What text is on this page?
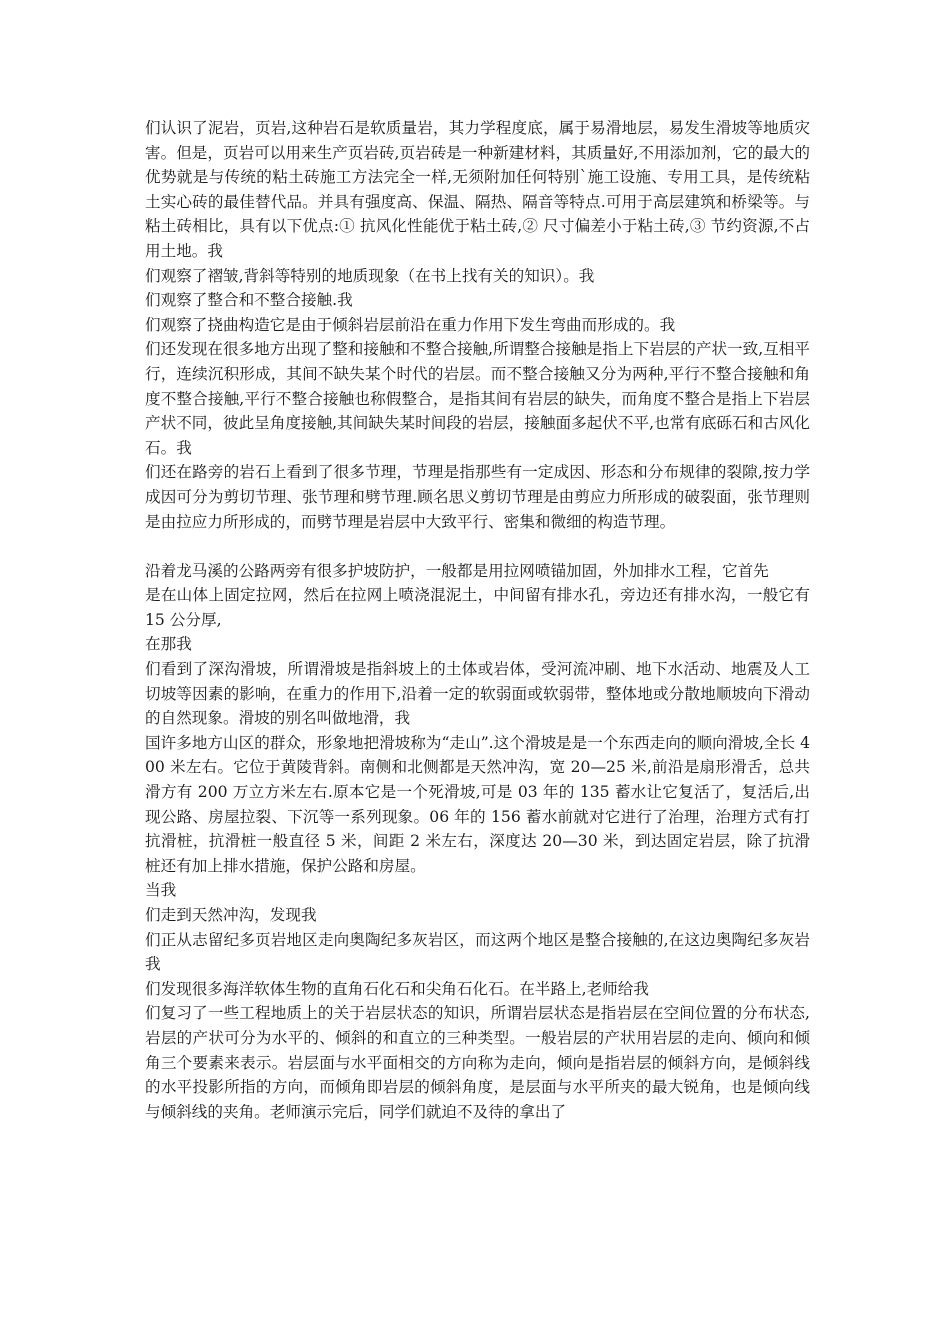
们认识了泥岩，页岩,这种岩石是软质量岩，其力学程度底，属于易滑地层，易发生滑坡等地质灾害。但是，页岩可以用来生产页岩砖,页岩砖是一种新建材料，其质量好,不用添加剂，它的最大的优势就是与传统的粘土砖施工方法完全一样,无须附加任何特别`施工设施、专用工具，是传统粘土实心砖的最佳替代品。并具有强度高、保温、隔热、隔音等特点.可用于高层建筑和桥梁等。与粘土砖相比，具有以下优点:① 抗风化性能优于粘土砖,② 尺寸偏差小于粘土砖,③ 节约资源,不占用土地。我

们观察了褶皱,背斜等特别的地质现象（在书上找有关的知识）。我

们观察了整合和不整合接触.我

们观察了挠曲构造它是由于倾斜岩层前沿在重力作用下发生弯曲而形成的。我

们还发现在很多地方出现了整和接触和不整合接触,所谓整合接触是指上下岩层的产状一致,互相平行，连续沉积形成，其间不缺失某个时代的岩层。而不整合接触又分为两种,平行不整合接触和角度不整合接触,平行不整合接触也称假整合，是指其间有岩层的缺失，而角度不整合是指上下岩层产状不同，彼此呈角度接触,其间缺失某时间段的岩层，接触面多起伏不平,也常有底砾石和古风化石。我

们还在路旁的岩石上看到了很多节理，节理是指那些有一定成因、形态和分布规律的裂隙,按力学成因可分为剪切节理、张节理和劈节理.顾名思义剪切节理是由剪应力所形成的破裂面，张节理则是由拉应力所形成的，而劈节理是岩层中大致平行、密集和微细的构造节理。

沿着龙马溪的公路两旁有很多护坡防护，一般都是用拉网喷锚加固，外加排水工程，它首先

是在山体上固定拉网，然后在拉网上喷浇混泥土，中间留有排水孔，旁边还有排水沟，一般它有 15 公分厚,

在那我

们看到了深沟滑坡，所谓滑坡是指斜坡上的土体或岩体，受河流冲刷、地下水活动、地震及人工切坡等因素的影响，在重力的作用下,沿着一定的软弱面或软弱带，整体地或分散地顺坡向下滑动的自然现象。滑坡的别名叫做地滑，我

国许多地方山区的群众，形象地把滑坡称为“走山”.这个滑坡是是一个东西走向的顺向滑坡,全长 400 米左右。它位于黄陵背斜。南侧和北侧都是天然冲沟，宽 20—25 米,前沿是扇形滑舌，总共滑方有 200 万立方米左右.原本它是一个死滑坡,可是 03 年的 135 蓄水让它复活了，复活后,出现公路、房屋拉裂、下沉等一系列现象。06 年的 156 蓄水前就对它进行了治理，治理方式有打抗滑桩，抗滑桩一般直径 5 米，间距 2 米左右，深度达 20—30 米，到达固定岩层，除了抗滑桩还有加上排水措施，保护公路和房屋。

当我

们走到天然冲沟，发现我

们正从志留纪多页岩地区走向奥陶纪多灰岩区，而这两个地区是整合接触的,在这边奥陶纪多灰岩我

们发现很多海洋软体生物的直角石化石和尖角石化石。在半路上,老师给我

们复习了一些工程地质上的关于岩层状态的知识，所谓岩层状态是指岩层在空间位置的分布状态,岩层的产状可分为水平的、倾斜的和直立的三种类型。一般岩层的产状用岩层的走向、倾向和倾角三个要素来表示。岩层面与水平面相交的方向称为走向，倾向是指岩层的倾斜方向，是倾斜线的水平投影所指的方向，而倾角即岩层的倾斜角度，是层面与水平所夹的最大锐角，也是倾向线与倾斜线的夹角。老师演示完后，同学们就迫不及待的拿出了
